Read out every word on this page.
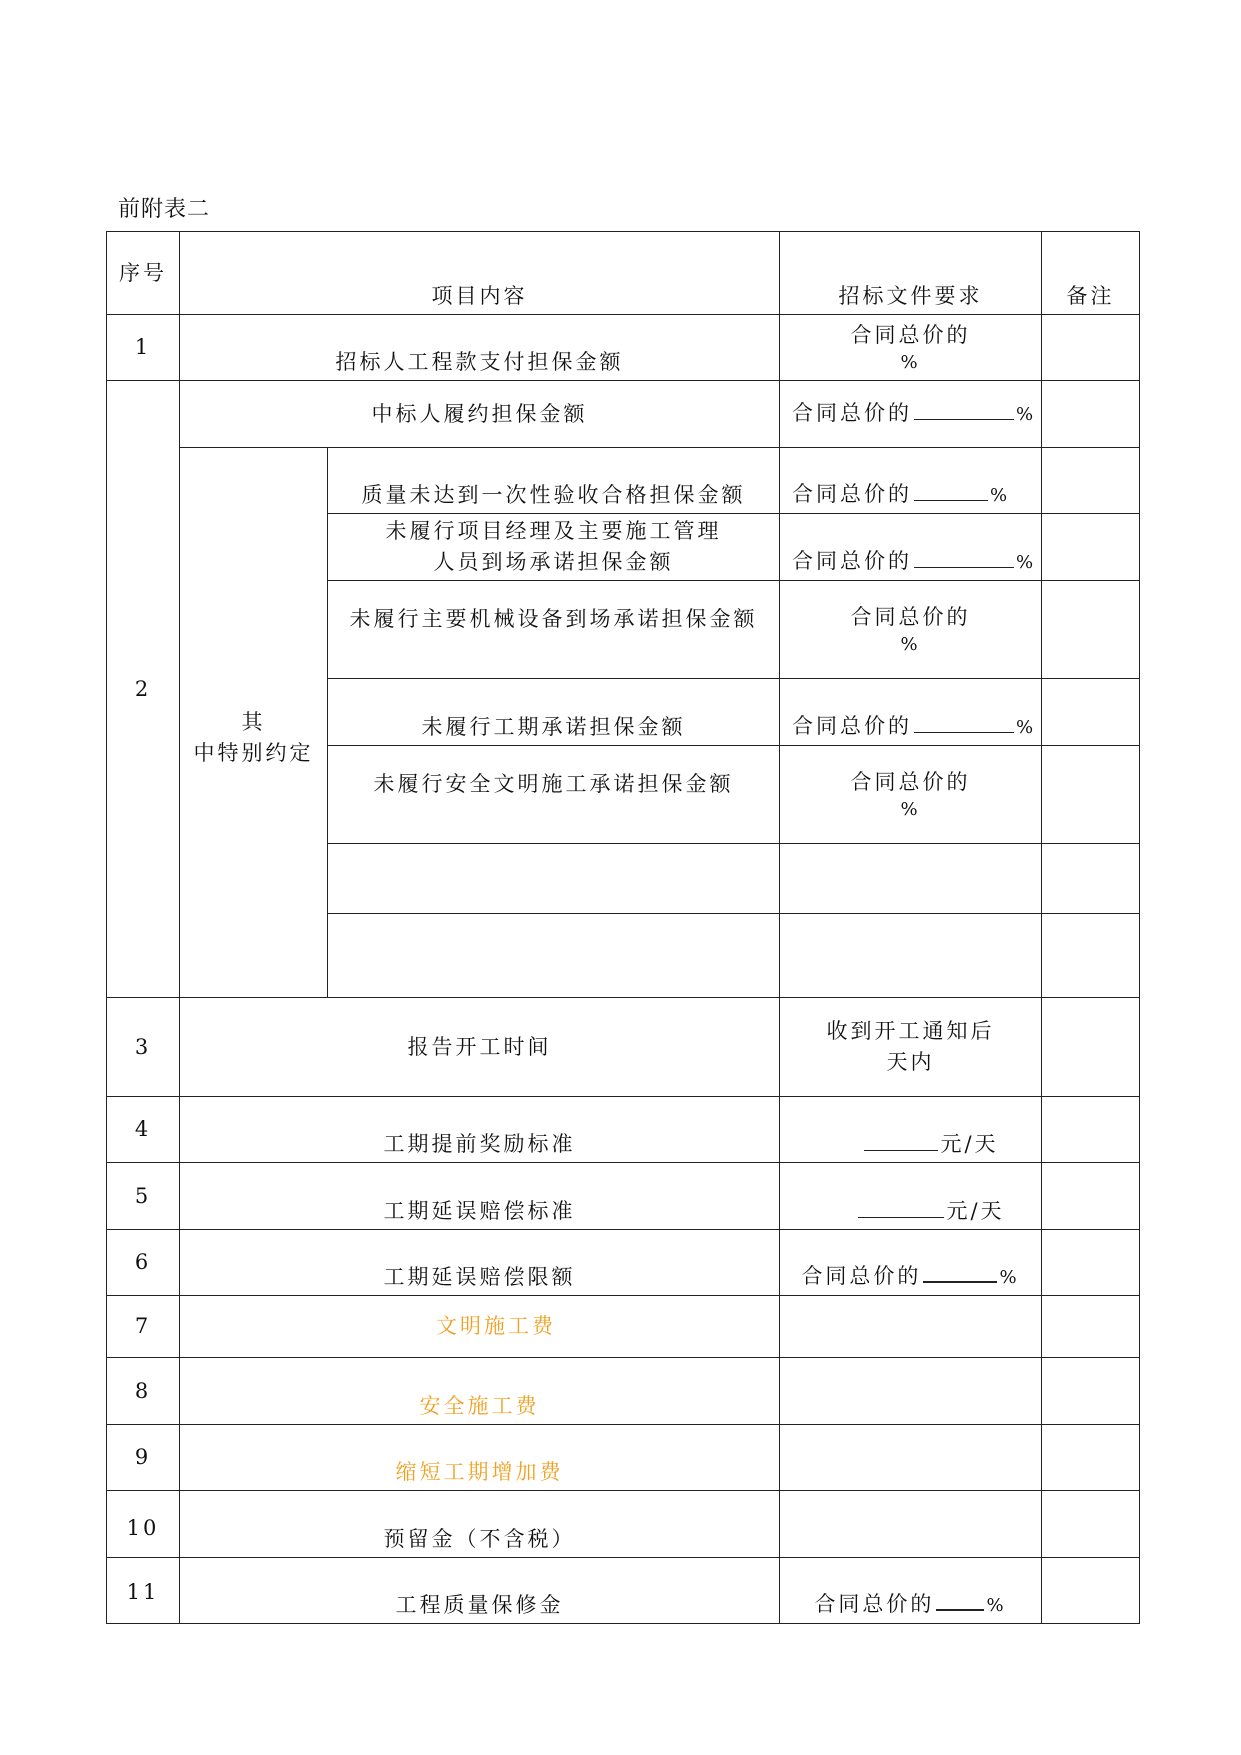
前附表二
序号	项目内容		招标文件要求	备注
1	招标人工程款支付担保金额		合同总价的
%	

2	中标人履约担保金额		合同总价的 %	

	其
中特别约定	质量未达到一次性验收合格担保金额	合同总价的 %	

		未履行项目经理及主要施工管理
人员到场承诺担保金额	合同总价的 %	
		未履行主要机械设备到场承诺担保金额	合同总价的
%	

		未履行工期承诺担保金额	合同总价的 %	
		未履行安全文明施工承诺担保金额	合同总价的
%	

3	报告开工时间		收到开工通知后
天内	

4	工期提前奖励标准		元/天	
5	工期延误赔偿标准		元/天	
6	工期延误赔偿限额		合同总价的 %	
7	文明施工费			
8	安全施工费			
9	缩短工期增加费			
10	预留金（不含税）			
11	工程质量保修金		合同总价的 %	
